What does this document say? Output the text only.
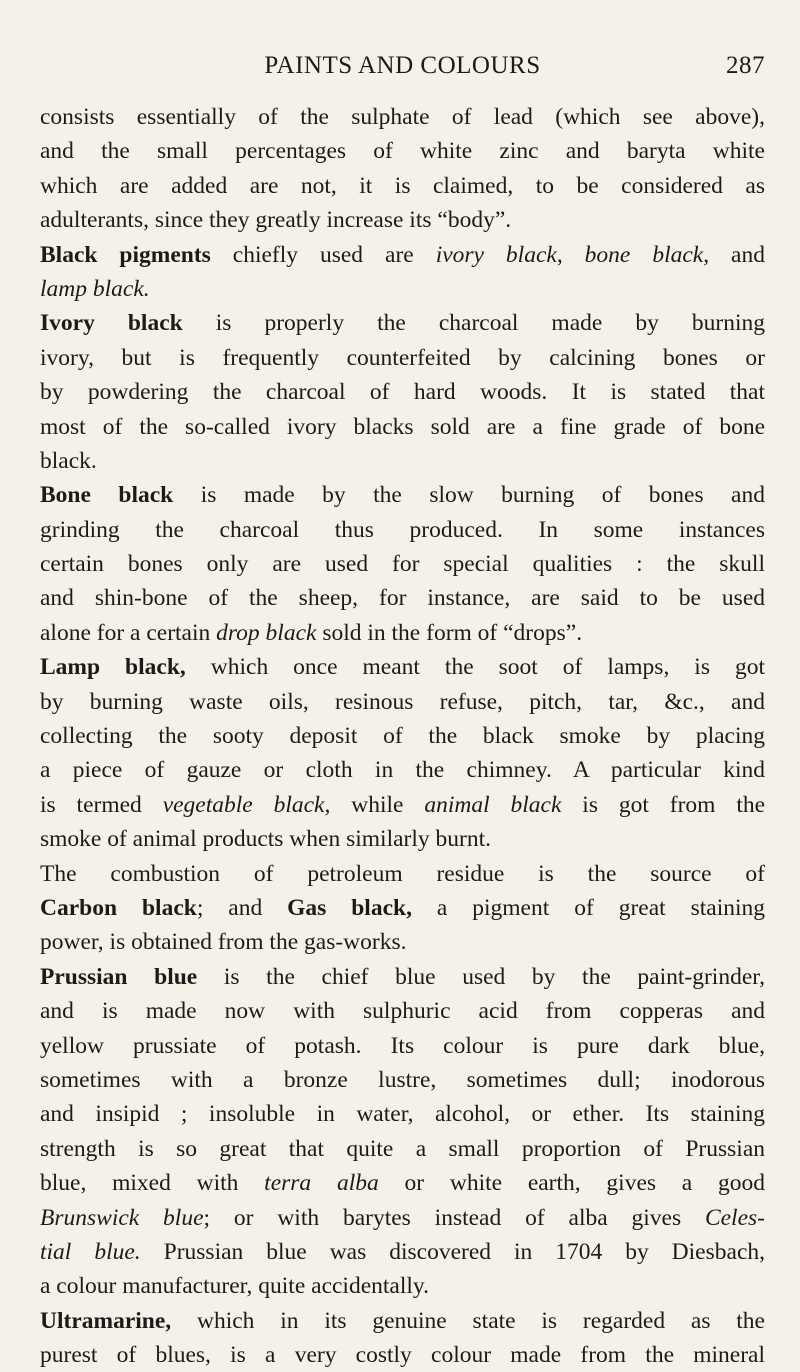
PAINTS AND COLOURS	287
consists essentially of the sulphate of lead (which see above),
and the small percentages of white zinc and baryta white
which are added are not, it is claimed, to be considered as
adulterants, since they greatly increase its “body”.
Black pigments chiefly used are ivory black, bone black, and
lamp black.
Ivory black is properly the charcoal made by burning
ivory, but is frequently counterfeited by calcining bones or
by powdering the charcoal of hard woods. It is stated that
most of the so-called ivory blacks sold are a fine grade of bone
black.
Bone black is made by the slow burning of bones and
grinding the charcoal thus produced. In some instances
certain bones only are used for special qualities : the skull
and shin-bone of the sheep, for instance, are said to be used
alone for a certain drop black sold in the form of “drops”.
Lamp black, which once meant the soot of lamps, is got
by burning waste oils, resinous refuse, pitch, tar, &c., and
collecting the sooty deposit of the black smoke by placing
a piece of gauze or cloth in the chimney. A particular kind
is termed vegetable black, while animal black is got from the
smoke of animal products when similarly burnt.
The combustion of petroleum residue is the source of
Carbon black; and Gas black, a pigment of great staining
power, is obtained from the gas-works.
Prussian blue is the chief blue used by the paint-grinder,
and is made now with sulphuric acid from copperas and
yellow prussiate of potash. Its colour is pure dark blue,
sometimes with a bronze lustre, sometimes dull; inodorous
and insipid ; insoluble in water, alcohol, or ether. Its staining
strength is so great that quite a small proportion of Prussian
blue, mixed with terra alba or white earth, gives a good
Brunswick blue; or with barytes instead of alba gives Celes-
tial blue. Prussian blue was discovered in 1704 by Diesbach,
a colour manufacturer, quite accidentally.
Ultramarine, which in its genuine state is regarded as the
purest of blues, is a very costly colour made from the mineral
